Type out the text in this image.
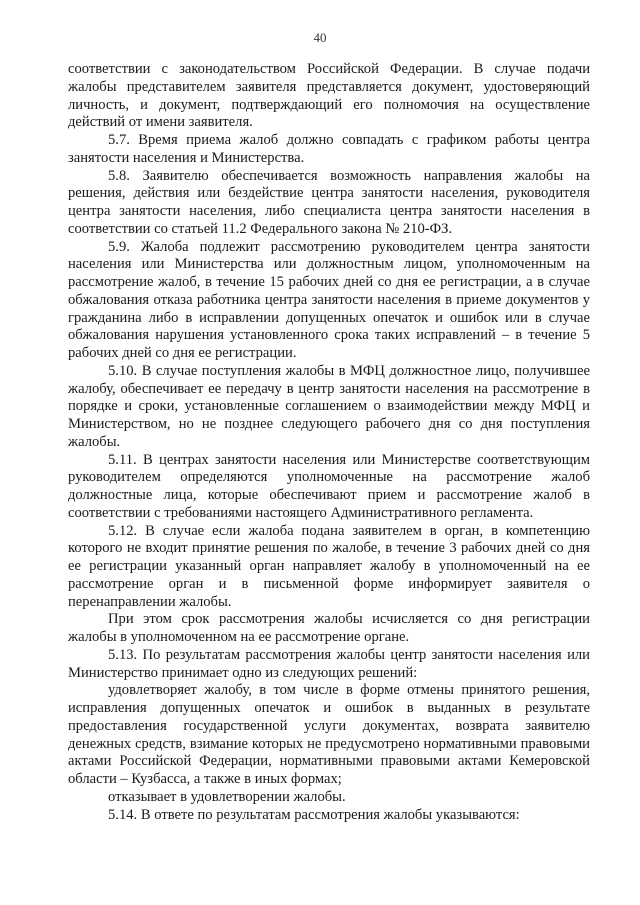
40

соответствии с законодательством Российской Федерации. В случае подачи жалобы представителем заявителя представляется документ, удостоверяющий личность, и документ, подтверждающий его полномочия на осуществление действий от имени заявителя.

5.7. Время приема жалоб должно совпадать с графиком работы центра занятости населения и Министерства.

5.8. Заявителю обеспечивается возможность направления жалобы на решения, действия или бездействие центра занятости населения, руководителя центра занятости населения, либо специалиста центра занятости населения в соответствии со статьей 11.2 Федерального закона № 210-ФЗ.

5.9. Жалоба подлежит рассмотрению руководителем центра занятости населения или Министерства или должностным лицом, уполномоченным на рассмотрение жалоб, в течение 15 рабочих дней со дня ее регистрации, а в случае обжалования отказа работника центра занятости населения в приеме документов у гражданина либо в исправлении допущенных опечаток и ошибок или в случае обжалования нарушения установленного срока таких исправлений – в течение 5 рабочих дней со дня ее регистрации.

5.10. В случае поступления жалобы в МФЦ должностное лицо, получившее жалобу, обеспечивает ее передачу в центр занятости населения на рассмотрение в порядке и сроки, установленные соглашением о взаимодействии между МФЦ и Министерством, но не позднее следующего рабочего дня со дня поступления жалобы.

5.11. В центрах занятости населения или Министерстве соответствующим руководителем определяются уполномоченные на рассмотрение жалоб должностные лица, которые обеспечивают прием и рассмотрение жалоб в соответствии с требованиями настоящего Административного регламента.

5.12. В случае если жалоба подана заявителем в орган, в компетенцию которого не входит принятие решения по жалобе, в течение 3 рабочих дней со дня ее регистрации указанный орган направляет жалобу в уполномоченный на ее рассмотрение орган и в письменной форме информирует заявителя о перенаправлении жалобы.

При этом срок рассмотрения жалобы исчисляется со дня регистрации жалобы в уполномоченном на ее рассмотрение органе.

5.13. По результатам рассмотрения жалобы центр занятости населения или Министерство принимает одно из следующих решений:

удовлетворяет жалобу, в том числе в форме отмены принятого решения, исправления допущенных опечаток и ошибок в выданных в результате предоставления государственной услуги документах, возврата заявителю денежных средств, взимание которых не предусмотрено нормативными правовыми актами Российской Федерации, нормативными правовыми актами Кемеровской области – Кузбасса, а также в иных формах;

отказывает в удовлетворении жалобы.

5.14. В ответе по результатам рассмотрения жалобы указываются:
